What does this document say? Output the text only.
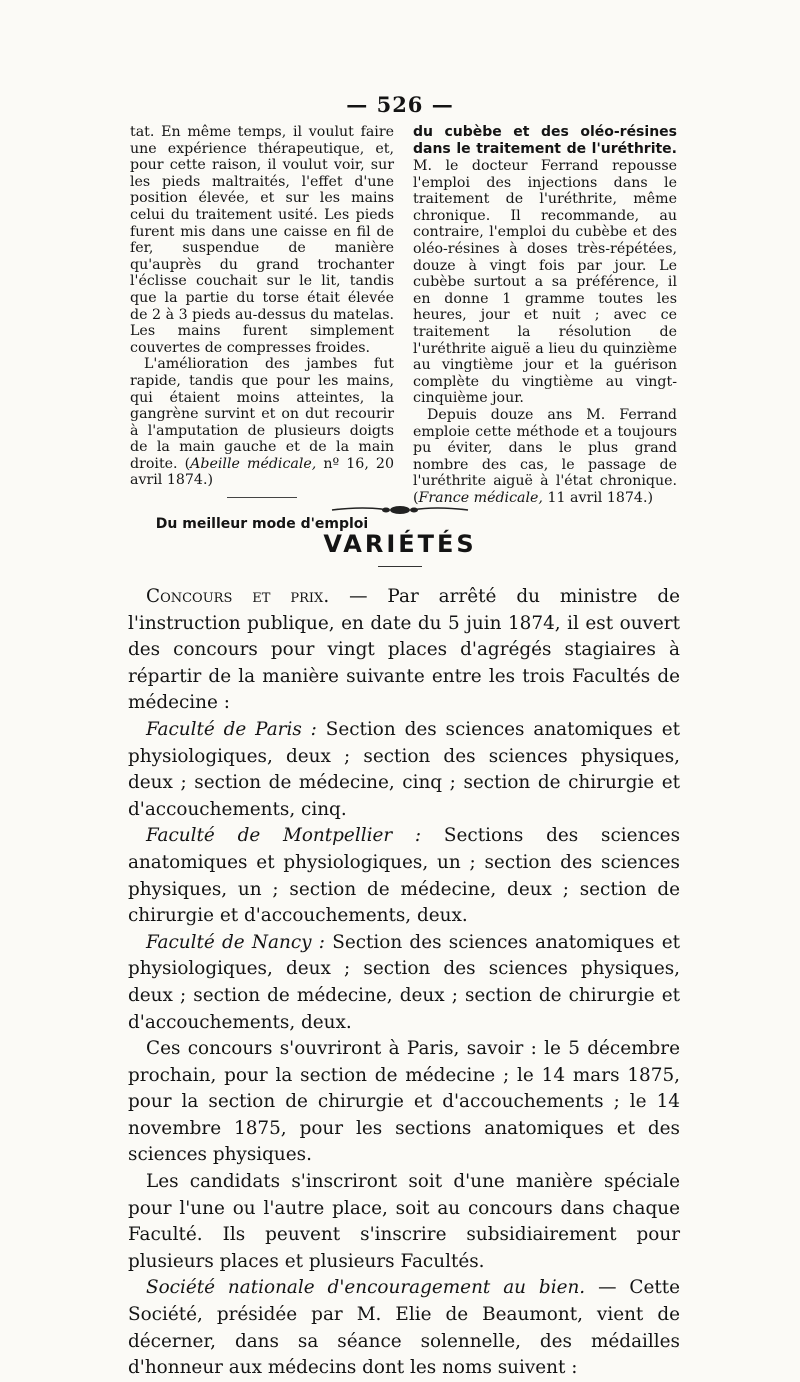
— 526 —

tat. En même temps, il voulut faire une expérience thérapeutique, et, pour cette raison, il voulut voir, sur les pieds maltraités, l'effet d'une position élevée, et sur les mains celui du traitement usité. Les pieds furent mis dans une caisse en fil de fer, suspendue de manière qu'auprès du grand trochanter l'éclisse couchait sur le lit, tandis que la partie du torse était élevée de 2 à 3 pieds au-dessus du matelas. Les mains furent simplement couvertes de compresses froides.

L'amélioration des jambes fut rapide, tandis que pour les mains, qui étaient moins atteintes, la gangrène survint et on dut recourir à l'amputation de plusieurs doigts de la main gauche et de la main droite. (Abeille médicale, nº 16, 20 avril 1874.)

Du meilleur mode d'emploi

du cubèbe et des oléo-résines dans le traitement de l'uréthrite. M. le docteur Ferrand repousse l'emploi des injections dans le traitement de l'uréthrite, même chronique. Il recommande, au contraire, l'emploi du cubèbe et des oléo-résines à doses très-répétées, douze à vingt fois par jour. Le cubèbe surtout a sa préférence, il en donne 1 gramme toutes les heures, jour et nuit ; avec ce traitement la résolution de l'uréthrite aiguë a lieu du quinzième au vingtième jour et la guérison complète du vingtième au vingt-cinquième jour.

Depuis douze ans M. Ferrand emploie cette méthode et a toujours pu éviter, dans le plus grand nombre des cas, le passage de l'uréthrite aiguë à l'état chronique. (France médicale, 11 avril 1874.)

VARIÉTÉS

Concours et prix. — Par arrêté du ministre de l'instruction publique, en date du 5 juin 1874, il est ouvert des concours pour vingt places d'agrégés stagiaires à répartir de la manière suivante entre les trois Facultés de médecine :

Faculté de Paris : Section des sciences anatomiques et physiologiques, deux ; section des sciences physiques, deux ; section de médecine, cinq ; section de chirurgie et d'accouchements, cinq.

Faculté de Montpellier : Sections des sciences anatomiques et physiologiques, un ; section des sciences physiques, un ; section de médecine, deux ; section de chirurgie et d'accouchements, deux.

Faculté de Nancy : Section des sciences anatomiques et physiologiques, deux ; section des sciences physiques, deux ; section de médecine, deux ; section de chirurgie et d'accouchements, deux.

Ces concours s'ouvriront à Paris, savoir : le 5 décembre prochain, pour la section de médecine ; le 14 mars 1875, pour la section de chirurgie et d'accouchements ; le 14 novembre 1875, pour les sections anatomiques et des sciences physiques.

Les candidats s'inscriront soit d'une manière spéciale pour l'une ou l'autre place, soit au concours dans chaque Faculté. Ils peuvent s'inscrire subsidiairement pour plusieurs places et plusieurs Facultés.

Société nationale d'encouragement au bien. — Cette Société, présidée par M. Elie de Beaumont, vient de décerner, dans sa séance solennelle, des médailles d'honneur aux médecins dont les noms suivent :
